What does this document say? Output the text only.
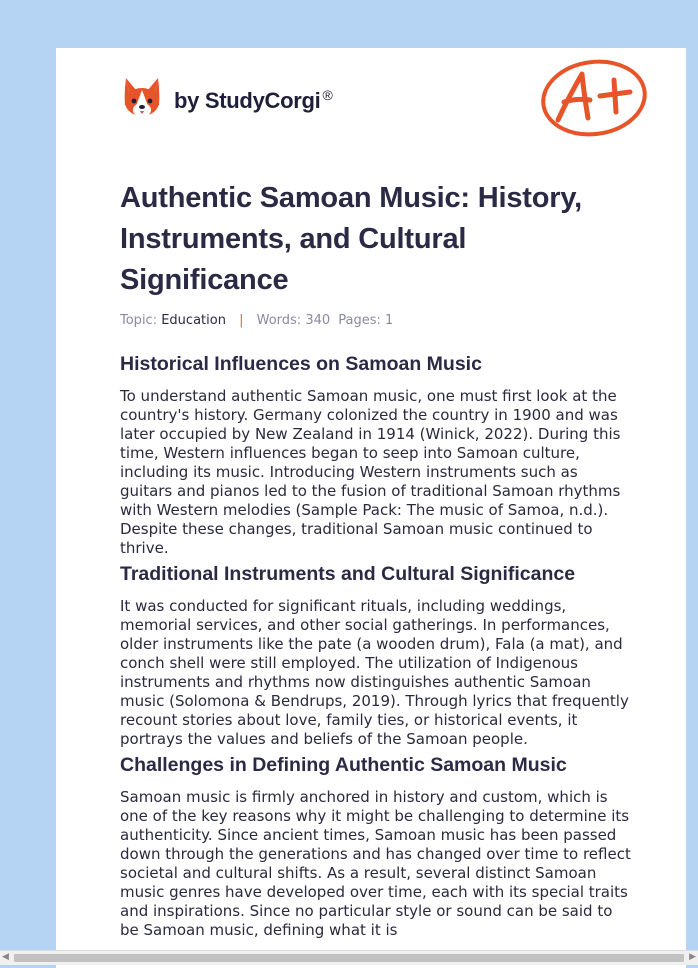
by StudyCorgi ®
A+
Authentic Samoan Music: History, Instruments, and Cultural Significance
Topic: Education | Words: 340 Pages: 1
Historical Influences on Samoan Music

To understand authentic Samoan music, one must first look at the country's history. Germany colonized the country in 1900 and was later occupied by New Zealand in 1914 (Winick, 2022). During this time, Western influences began to seep into Samoan culture, including its music. Introducing Western instruments such as guitars and pianos led to the fusion of traditional Samoan rhythms with Western melodies (Sample Pack: The music of Samoa, n.d.). Despite these changes, traditional Samoan music continued to thrive.

Traditional Instruments and Cultural Significance

It was conducted for significant rituals, including weddings, memorial services, and other social gatherings. In performances, older instruments like the pate (a wooden drum), Fala (a mat), and conch shell were still employed. The utilization of Indigenous instruments and rhythms now distinguishes authentic Samoan music (Solomona & Bendrups, 2019). Through lyrics that frequently recount stories about love, family ties, or historical events, it portrays the values and beliefs of the Samoan people.

Challenges in Defining Authentic Samoan Music

Samoan music is firmly anchored in history and custom, which is one of the key reasons why it might be challenging to determine its authenticity. Since ancient times, Samoan music has been passed down through the generations and has changed over time to reflect societal and cultural shifts. As a result, several distinct Samoan music genres have developed over time, each with its special traits and inspirations. Since no particular style or sound can be said to be Samoan music, defining what it is

◀	▶
